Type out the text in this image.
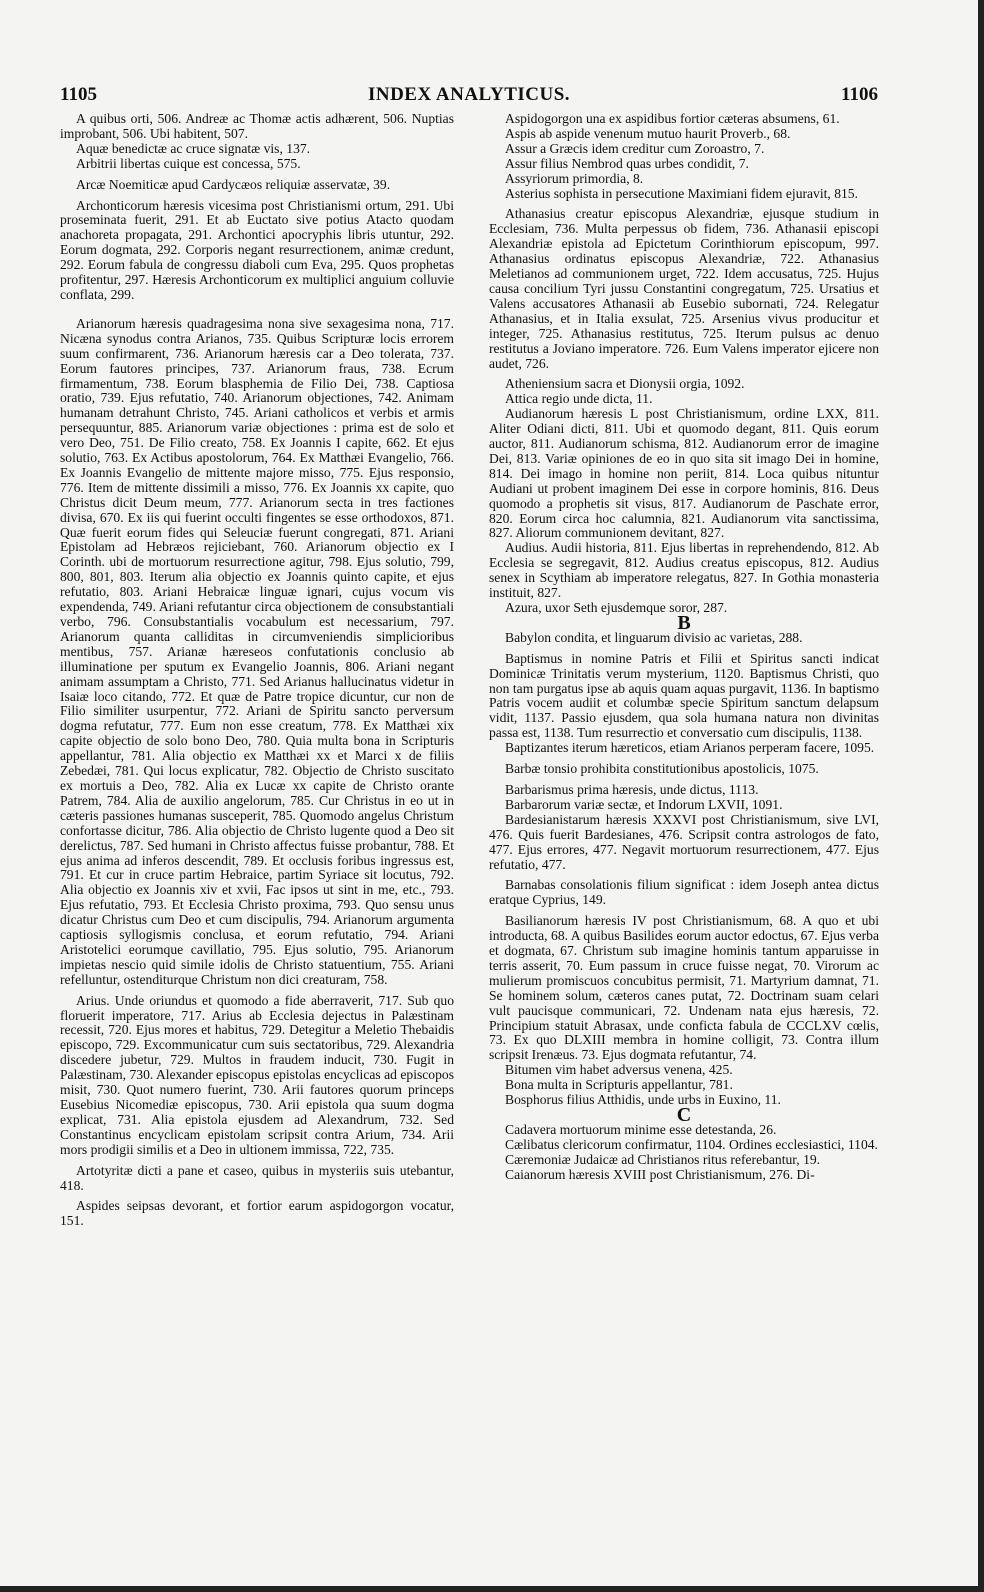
1105	INDEX ANALYTICUS.	1106

A quibus orti, 506. Andreæ ac Thomæ actis adhærent, 506. Nuptias improbant, 506. Ubi habitent, 507.

Aquæ benedictæ ac cruce signatæ vis, 137.

Arbitrii libertas cuique est concessa, 575.

Arcæ Noemiticæ apud Cardycæos reliquiæ asservatæ, 39.

Archonticorum hæresis vicesima post Christianismi ortum, 291. Ubi proseminata fuerit, 291. Et ab Euctato sive potius Atacto quodam anachoreta propagata, 291. Archontici apocryphis libris utuntur, 292. Eorum dogmata, 292. Corporis negant resurrectionem, animæ credunt, 292. Eorum fabula de congressu diaboli cum Eva, 295. Quos prophetas profitentur, 297. Hæresis Archonticorum ex multiplici anguium colluvie conflata, 299.

Arianorum hæresis quadragesima nona sive sexagesima nona, 717. Nicæna synodus contra Arianos, 735. Quibus Scripturæ locis errorem suum confirmarent, 736. Arianorum hæresis car a Deo tolerata, 737. Eorum fautores principes, 737. Arianorum fraus, 738. Ecrum firmamentum, 738. Eorum blasphemia de Filio Dei, 738. Captiosa oratio, 739. Ejus refutatio, 740. Arianorum objectiones, 742. Animam humanam detrahunt Christo, 745. Ariani catholicos et verbis et armis persequuntur, 885. Arianorum variæ objectiones : prima est de solo et vero Deo, 751. De Filio creato, 758. Ex Joannis I capite, 662. Et ejus solutio, 763. Ex Actibus apostolorum, 764. Ex Matthæi Evangelio, 766. Ex Joannis Evangelio de mittente majore misso, 775. Ejus responsio, 776. Item de mittente dissimili a misso, 776. Ex Joannis xx capite, quo Christus dicit Deum meum, 777. Arianorum secta in tres factiones divisa, 670. Ex iis qui fuerint occulti fingentes se esse orthodoxos, 871. Quæ fuerit eorum fides qui Seleuciæ fuerunt congregati, 871. Ariani Epistolam ad Hebræos rejiciebant, 760. Arianorum objectio ex I Corinth. ubi de mortuorum resurrectione agitur, 798. Ejus solutio, 799, 800, 801, 803. Iterum alia objectio ex Joannis quinto capite, et ejus refutatio, 803. Ariani Hebraicæ linguæ ignari, cujus vocum vis expendenda, 749. Ariani refutantur circa objectionem de consubstantiali verbo, 796. Consubstantialis vocabulum est necessarium, 797. Arianorum quanta calliditas in circumveniendis simplicioribus mentibus, 757. Arianæ hæreseos confutationis conclusio ab illuminatione per sputum ex Evangelio Joannis, 806. Ariani negant animam assumptam a Christo, 771. Sed Arianus hallucinatus videtur in Isaiæ loco citando, 772. Et quæ de Patre tropice dicuntur, cur non de Filio similiter usurpentur, 772. Ariani de Spiritu sancto perversum dogma refutatur, 777. Eum non esse creatum, 778. Ex Matthæi xix capite objectio de solo bono Deo, 780. Quia multa bona in Scripturis appellantur, 781. Alia objectio ex Matthæi xx et Marci x de filiis Zebedæi, 781. Qui locus explicatur, 782. Objectio de Christo suscitato ex mortuis a Deo, 782. Alia ex Lucæ xx capite de Christo orante Patrem, 784. Alia de auxilio angelorum, 785. Cur Christus in eo ut in cæteris passiones humanas susceperit, 785. Quomodo angelus Christum confortasse dicitur, 786. Alia objectio de Christo lugente quod a Deo sit derelictus, 787. Sed humani in Christo affectus fuisse probantur, 788. Et ejus anima ad inferos descendit, 789. Et occlusis foribus ingressus est, 791. Et cur in cruce partim Hebraice, partim Syriace sit locutus, 792. Alia objectio ex Joannis xiv et xvii, Fac ipsos ut sint in me, etc., 793. Ejus refutatio, 793. Et Ecclesia Christo proxima, 793. Quo sensu unus dicatur Christus cum Deo et cum discipulis, 794. Arianorum argumenta captiosis syllogismis conclusa, et eorum refutatio, 794. Ariani Aristotelici eorumque cavillatio, 795. Ejus solutio, 795. Arianorum impietas nescio quid simile idolis de Christo statuentium, 755. Ariani refelluntur, ostenditurque Christum non dici creaturam, 758.

Arius. Unde oriundus et quomodo a fide aberraverit, 717. Sub quo floruerit imperatore, 717. Arius ab Ecclesia dejectus in Palæstinam recessit, 720. Ejus mores et habitus, 729. Detegitur a Meletio Thebaidis episcopo, 729. Excommunicatur cum suis sectatoribus, 729. Alexandria discedere jubetur, 729. Multos in fraudem inducit, 730. Fugit in Palæstinam, 730. Alexander episcopus epistolas encyclicas ad episcopos misit, 730. Quot numero fuerint, 730. Arii fautores quorum princeps Eusebius Nicomediæ episcopus, 730. Arii epistola qua suum dogma explicat, 731. Alia epistola ejusdem ad Alexandrum, 732. Sed Constantinus encyclicam epistolam scripsit contra Arium, 734. Arii mors prodigii similis et a Deo in ultionem immissa, 722, 735.

Artotyritæ dicti a pane et caseo, quibus in mysteriis suis utebantur, 418.

Aspides seipsas devorant, et fortior earum aspidogorgon vocatur, 151.

Aspidogorgon una ex aspidibus fortior cæteras absumens, 61.

Aspis ab aspide venenum mutuo haurit Proverb., 68.

Assur a Græcis idem creditur cum Zoroastro, 7.

Assur filius Nembrod quas urbes condidit, 7.

Assyriorum primordia, 8.

Asterius sophista in persecutione Maximiani fidem ejuravit, 815.

Athanasius creatur episcopus Alexandriæ, ejusque studium in Ecclesiam, 736. Multa perpessus ob fidem, 736. Athanasii episcopi Alexandriæ epistola ad Epictetum Corinthiorum episcopum, 997. Athanasius ordinatus episcopus Alexandriæ, 722. Athanasius Meletianos ad communionem urget, 722. Idem accusatus, 725. Hujus causa concilium Tyri jussu Constantini congregatum, 725. Ursatius et Valens accusatores Athanasii ab Eusebio subornati, 724. Relegatur Athanasius, et in Italia exsulat, 725. Arsenius vivus producitur et integer, 725. Athanasius restitutus, 725. Iterum pulsus ac denuo restitutus a Joviano imperatore. 726. Eum Valens imperator ejicere non audet, 726.

Atheniensium sacra et Dionysii orgia, 1092.

Attica regio unde dicta, 11.

Audianorum hæresis L post Christianismum, ordine LXX, 811. Aliter Odiani dicti, 811. Ubi et quomodo degant, 811. Quis eorum auctor, 811. Audianorum schisma, 812. Audianorum error de imagine Dei, 813. Variæ opiniones de eo in quo sita sit imago Dei in homine, 814. Dei imago in homine non periit, 814. Loca quibus nituntur Audiani ut probent imaginem Dei esse in corpore hominis, 816. Deus quomodo a prophetis sit visus, 817. Audianorum de Paschate error, 820. Eorum circa hoc calumnia, 821. Audianorum vita sanctissima, 827. Aliorum communionem devitant, 827.

Audius. Audii historia, 811. Ejus libertas in reprehendendo, 812. Ab Ecclesia se segregavit, 812. Audius creatus episcopus, 812. Audius senex in Scythiam ab imperatore relegatus, 827. In Gothia monasteria instituit, 827.

Azura, uxor Seth ejusdemque soror, 287.

B

Babylon condita, et linguarum divisio ac varietas, 288.

Baptismus in nomine Patris et Filii et Spiritus sancti indicat Dominicæ Trinitatis verum mysterium, 1120. Baptismus Christi, quo non tam purgatus ipse ab aquis quam aquas purgavit, 1136. In baptismo Patris vocem audiit et columbæ specie Spiritum sanctum delapsum vidit, 1137. Passio ejusdem, qua sola humana natura non divinitas passa est, 1138. Tum resurrectio et conversatio cum discipulis, 1138.

Baptizantes iterum hæreticos, etiam Arianos perperam facere, 1095.

Barbæ tonsio prohibita constitutionibus apostolicis, 1075.

Barbarismus prima hæresis, unde dictus, 1113.

Barbarorum variæ sectæ, et Indorum LXVII, 1091.

Bardesianistarum hæresis XXXVI post Christianismum, sive LVI, 476. Quis fuerit Bardesianes, 476. Scripsit contra astrologos de fato, 477. Ejus errores, 477. Negavit mortuorum resurrectionem, 477. Ejus refutatio, 477.

Barnabas consolationis filium significat : idem Joseph antea dictus eratque Cyprius, 149.

Basilianorum hæresis IV post Christianismum, 68. A quo et ubi introducta, 68. A quibus Basilides eorum auctor edoctus, 67. Ejus verba et dogmata, 67. Christum sub imagine hominis tantum apparuisse in terris asserit, 70. Eum passum in cruce fuisse negat, 70. Virorum ac mulierum promiscuos concubitus permisit, 71. Martyrium damnat, 71. Se hominem solum, cæteros canes putat, 72. Doctrinam suam celari vult paucisque communicari, 72. Undenam nata ejus hæresis, 72. Principium statuit Abrasax, unde conficta fabula de CCCLXV cœlis, 73. Ex quo DLXIII membra in homine colligit, 73. Contra illum scripsit Irenæus. 73. Ejus dogmata refutantur, 74.

Bitumen vim habet adversus venena, 425.

Bona multa in Scripturis appellantur, 781.

Bosphorus filius Atthidis, unde urbs in Euxino, 11.

C

Cadavera mortuorum minime esse detestanda, 26.

Cælibatus clericorum confirmatur, 1104. Ordines ecclesiastici, 1104.

Cæremoniæ Judaicæ ad Christianos ritus referebantur, 19.

Caianorum hæresis XVIII post Christianismum, 276. Di-
